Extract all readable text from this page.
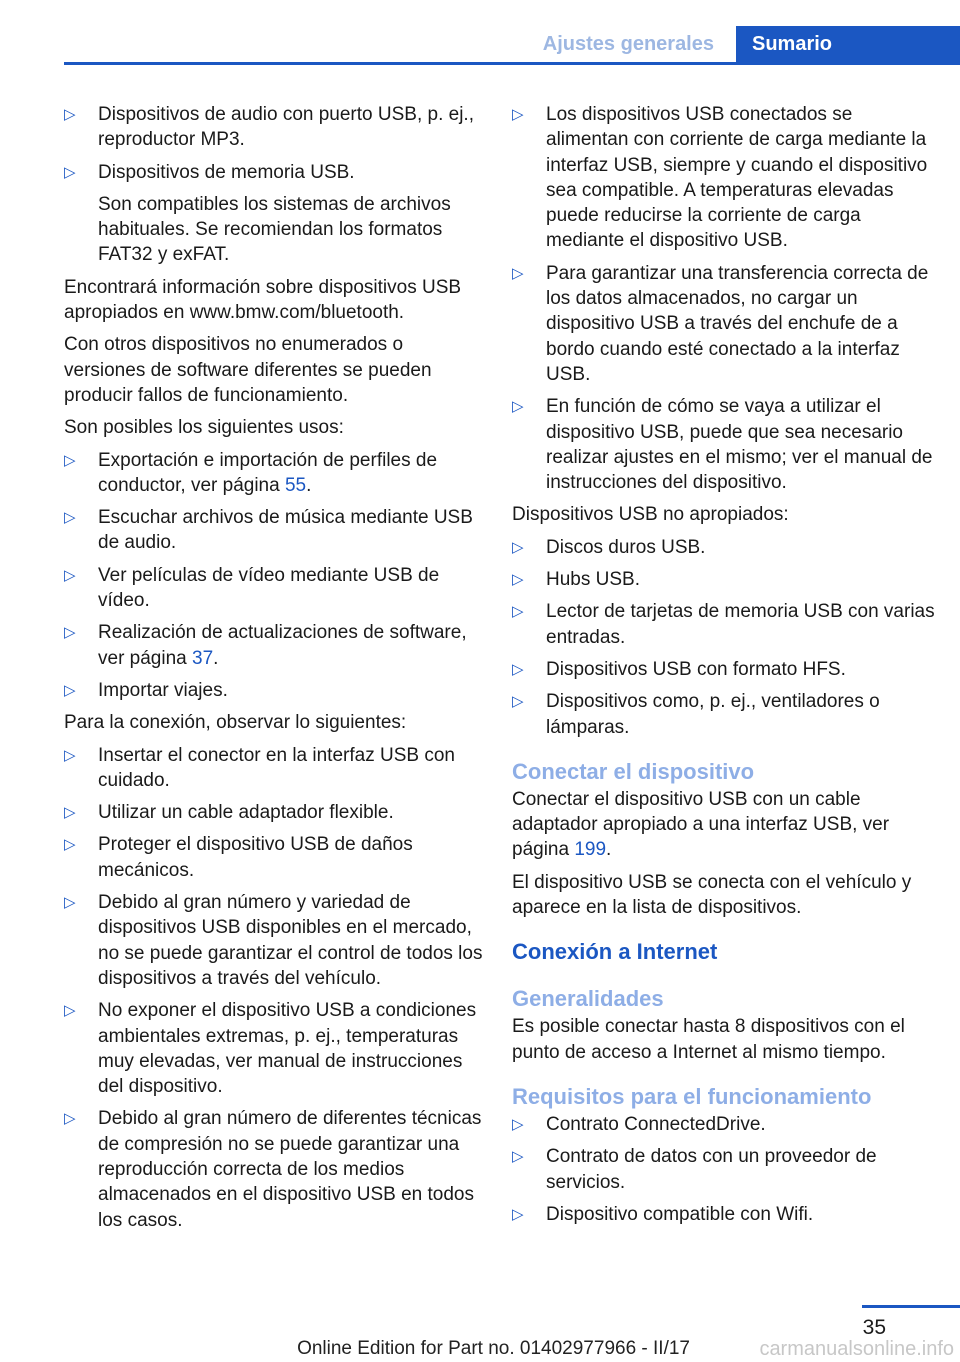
Ajustes generales	Sumario
▷ Dispositivos de audio con puerto USB, p. ej., reproductor MP3.

▷ Dispositivos de memoria USB.

Son compatibles los sistemas de archivos habituales. Se recomiendan los formatos FAT32 y exFAT.

Encontrará información sobre dispositivos USB apropiados en www.bmw.com/bluetooth.

Con otros dispositivos no enumerados o versiones de software diferentes se pueden producir fallos de funcionamiento.

Son posibles los siguientes usos:

▷ Exportación e importación de perfiles de conductor, ver página 55.
▷ Escuchar archivos de música mediante USB de audio.
▷ Ver películas de vídeo mediante USB de vídeo.
▷ Realización de actualizaciones de software, ver página 37.
▷ Importar viajes.

Para la conexión, observar lo siguientes:

▷ Insertar el conector en la interfaz USB con cuidado.
▷ Utilizar un cable adaptador flexible.
▷ Proteger el dispositivo USB de daños mecánicos.
▷ Debido al gran número y variedad de dispositivos USB disponibles en el mercado, no se puede garantizar el control de todos los dispositivos a través del vehículo.
▷ No exponer el dispositivo USB a condiciones ambientales extremas, p. ej., temperaturas muy elevadas, ver manual de instrucciones del dispositivo.
▷ Debido al gran número de diferentes técnicas de compresión no se puede garantizar una reproducción correcta de los medios almacenados en el dispositivo USB en todos los casos.
▷ Los dispositivos USB conectados se alimentan con corriente de carga mediante la interfaz USB, siempre y cuando el dispositivo sea compatible. A temperaturas elevadas puede reducirse la corriente de carga mediante el dispositivo USB.
▷ Para garantizar una transferencia correcta de los datos almacenados, no cargar un dispositivo USB a través del enchufe de a bordo cuando esté conectado a la interfaz USB.
▷ En función de cómo se vaya a utilizar el dispositivo USB, puede que sea necesario realizar ajustes en el mismo; ver el manual de instrucciones del dispositivo.

Dispositivos USB no apropiados:

▷ Discos duros USB.
▷ Hubs USB.
▷ Lector de tarjetas de memoria USB con varias entradas.
▷ Dispositivos USB con formato HFS.
▷ Dispositivos como, p. ej., ventiladores o lámparas.
Conectar el dispositivo

Conectar el dispositivo USB con un cable adaptador apropiado a una interfaz USB, ver página 199.

El dispositivo USB se conecta con el vehículo y aparece en la lista de dispositivos.

Conexión a Internet
Generalidades

Es posible conectar hasta 8 dispositivos con el punto de acceso a Internet al mismo tiempo.

Requisitos para el funcionamiento
▷ Contrato ConnectedDrive.
▷ Contrato de datos con un proveedor de servicios.
▷ Dispositivo compatible con Wifi.
35
Online Edition for Part no. 01402977966 - II/17	carmanualsonline.info
